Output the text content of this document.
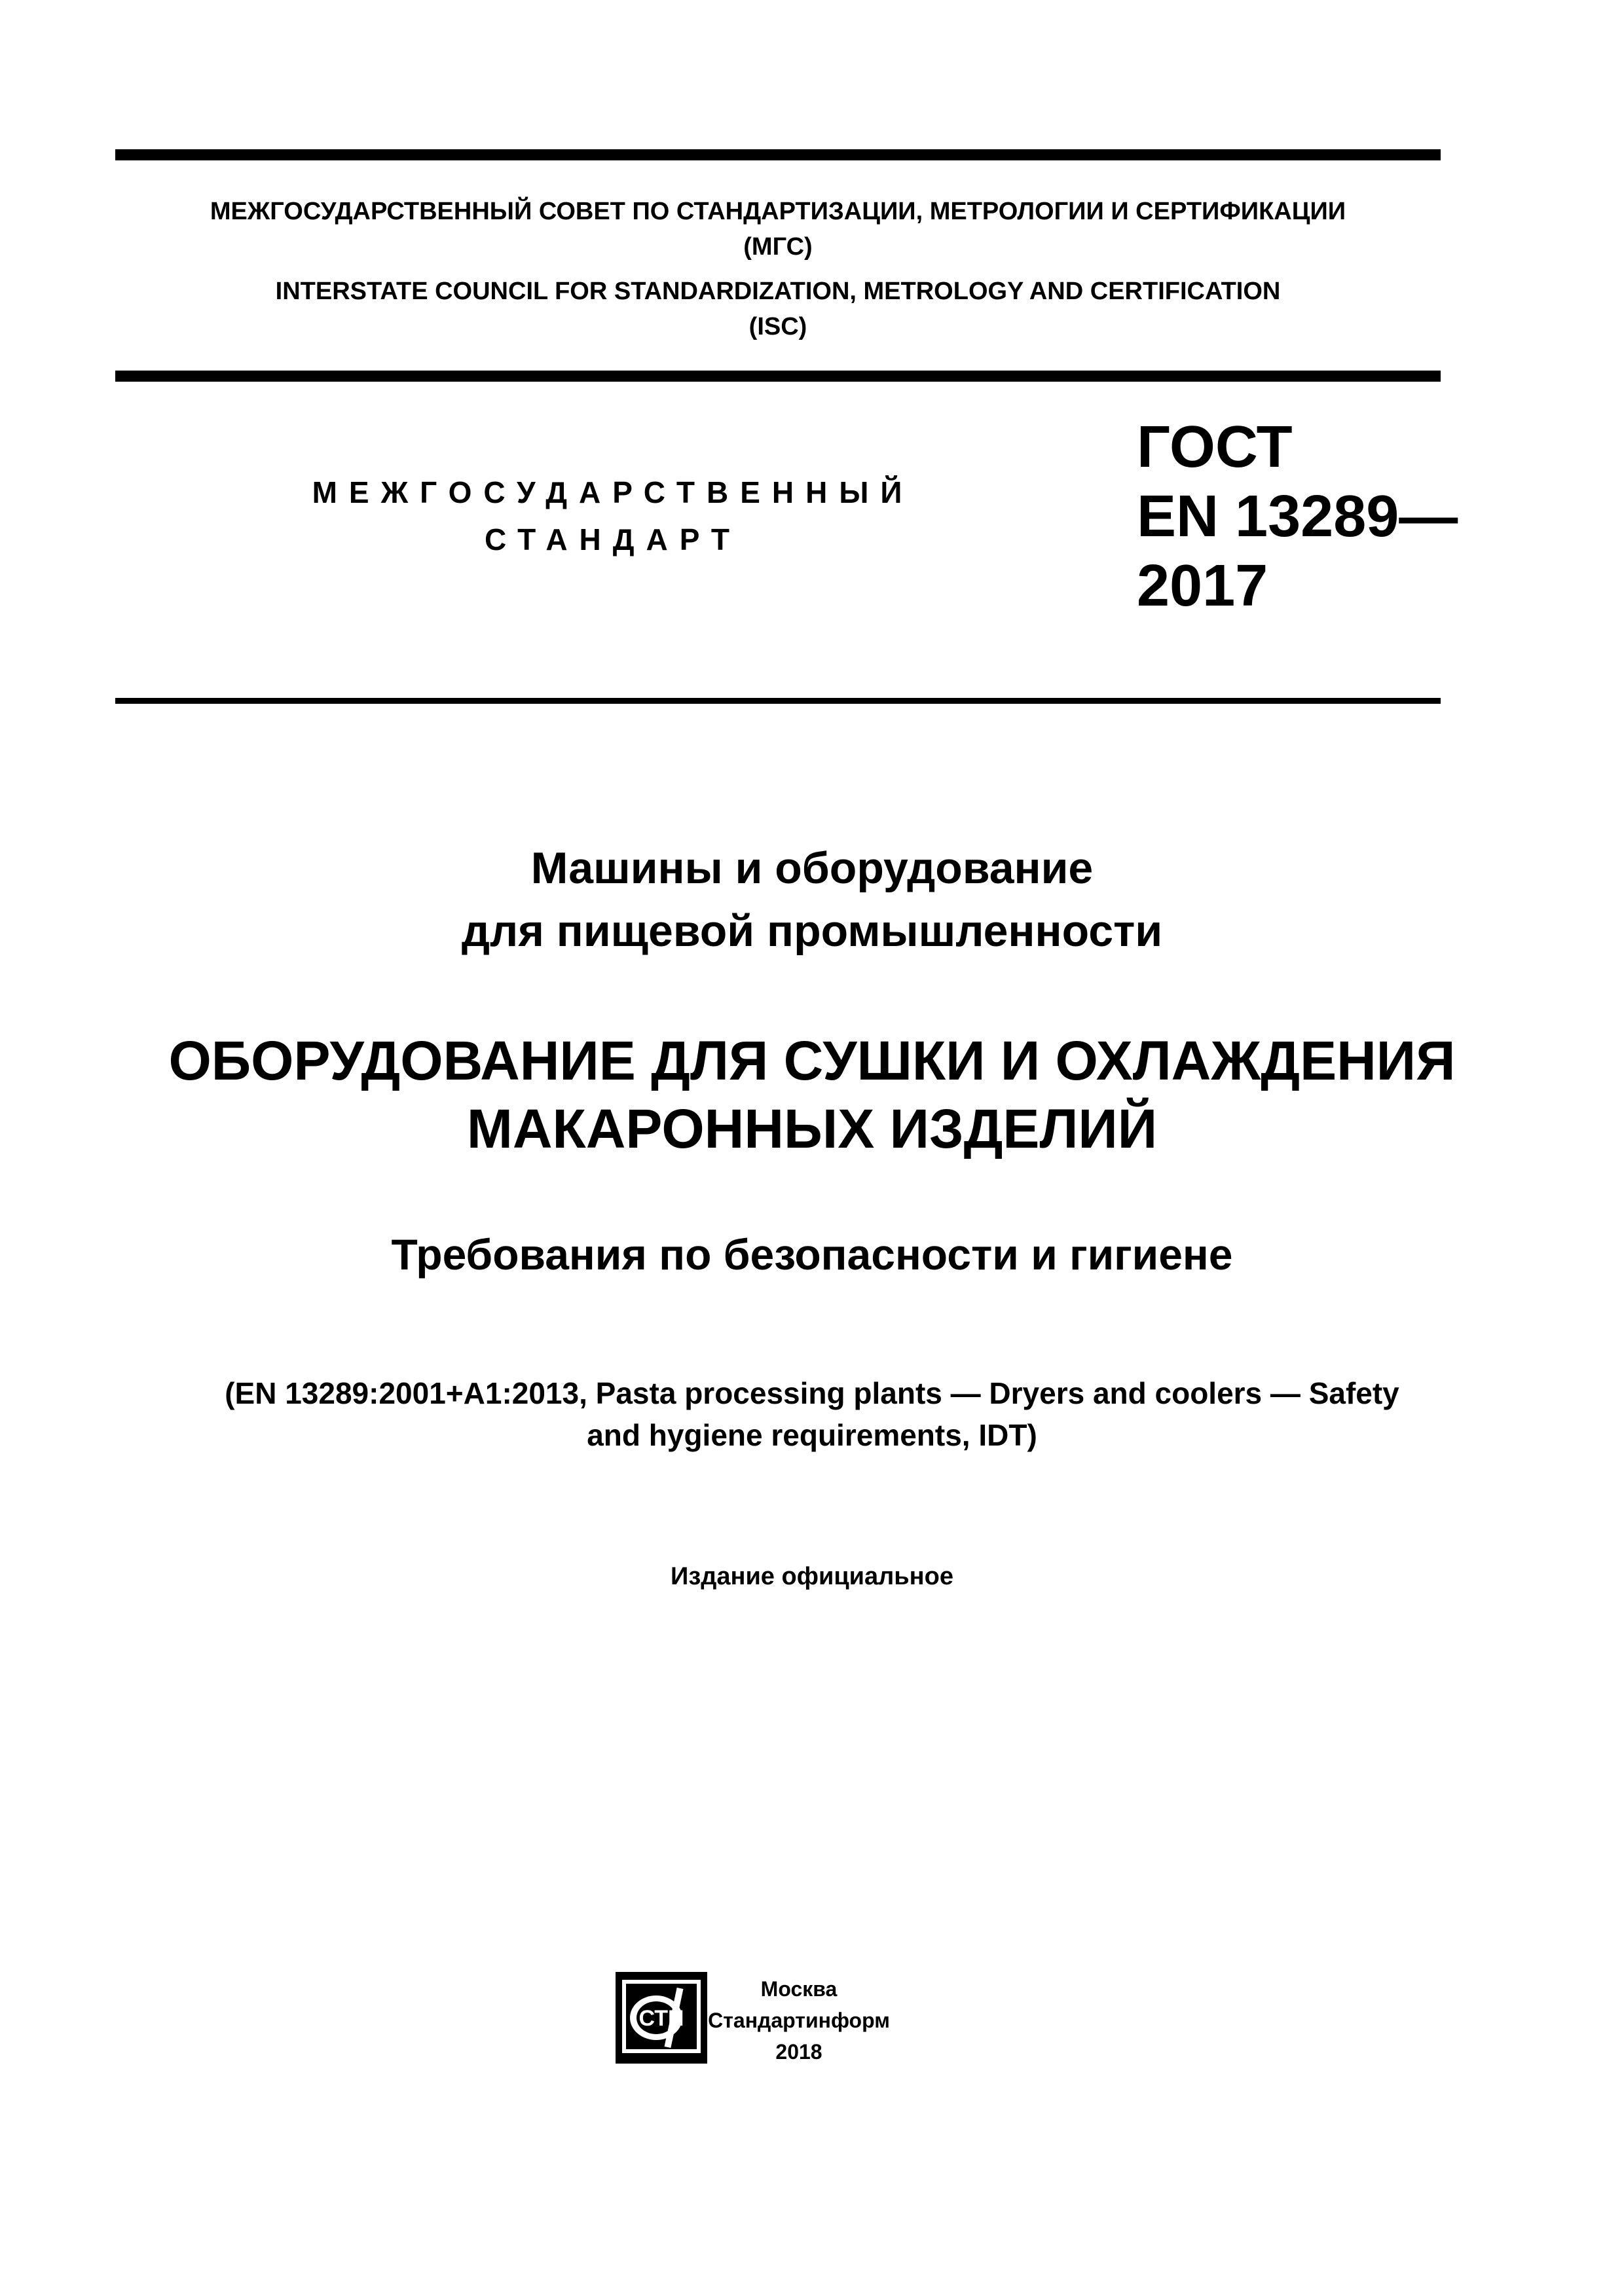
МЕЖГОСУДАРСТВЕННЫЙ СОВЕТ ПО СТАНДАРТИЗАЦИИ, МЕТРОЛОГИИ И СЕРТИФИКАЦИИ
(МГС)
INTERSTATE COUNCIL FOR STANDARDIZATION, METROLOGY AND CERTIFICATION
(ISC)
МЕЖГОСУДАРСТВЕННЫЙ
СТАНДАРТ
ГОСТ
EN 13289—
2017
Машины и оборудование
для пищевой промышленности
ОБОРУДОВАНИЕ ДЛЯ СУШКИ И ОХЛАЖДЕНИЯ
МАКАРОННЫХ ИЗДЕЛИЙ
Требования по безопасности и гигиене
(EN 13289:2001+A1:2013, Pasta processing plants — Dryers and coolers — Safety
and hygiene requirements, IDT)
Издание официальное
СТИ
Москва
Стандартинформ
2018
